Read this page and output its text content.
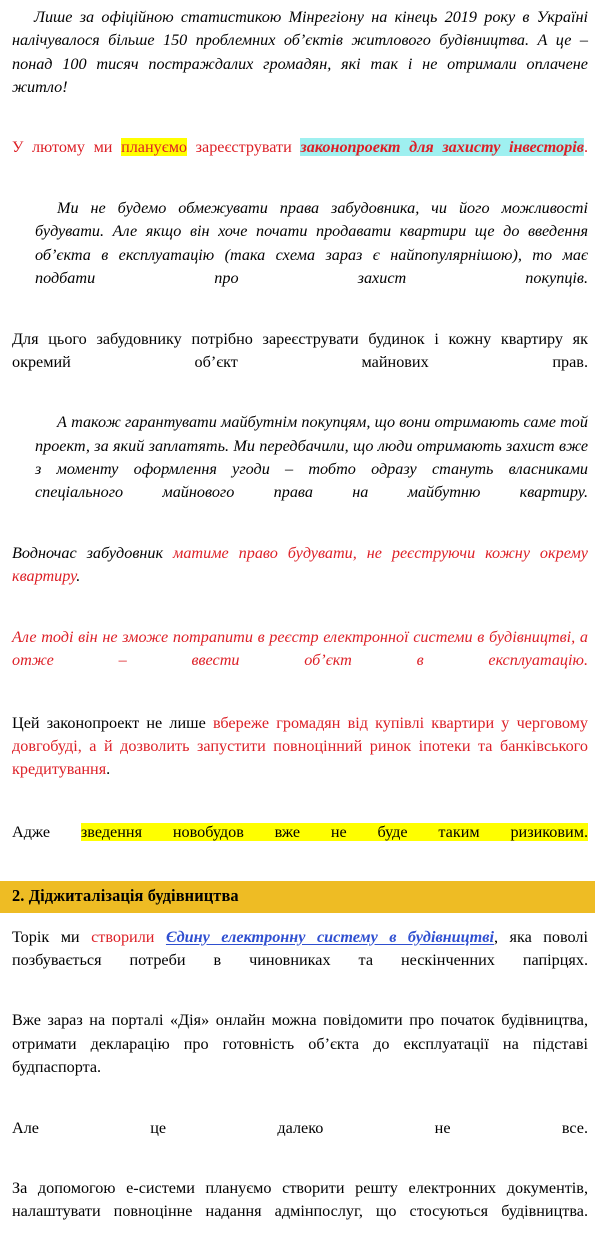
Лише за офіційною статистикою Мінрегіону на кінець 2019 року в Україні налічувалося більше 150 проблемних об’єктів житлового будівництва. А це – понад 100 тисяч постраждалих громадян, які так і не отримали оплачене житло!

У лютому ми плануємо зареєструвати законопроект для захисту інвесторів.

Ми не будемо обмежувати права забудовника, чи його можливості будувати. Але якщо він хоче почати продавати квартири ще до введення об’єкта в експлуатацію (така схема зараз є найпопулярнішою), то має подбати про захист покупців.

Для цього забудовнику потрібно зареєструвати будинок і кожну квартиру як окремий об’єкт майнових прав.

А також гарантувати майбутнім покупцям, що вони отримають саме той проект, за який заплатять. Ми передбачили, що люди отримають захист вже з моменту оформлення угоди – тобто одразу стануть власниками спеціального майнового права на майбутню квартиру.

Водночас забудовник матиме право будувати, не реєструючи кожну окрему квартиру.

Але тоді він не зможе потрапити в реєстр електронної системи в будівництві, а отже – ввести об’єкт в експлуатацію.

Цей законопроект не лише вбереже громадян від купівлі квартири у черговому довгобуді, а й дозволить запустити повноцінний ринок іпотеки та банківського кредитування.

Адже зведення новобудов вже не буде таким ризиковим.

2. Діджиталізація будівництва

Торік ми створили Єдину електронну систему в будівництві, яка поволі позбувається потреби в чиновниках та нескінченних папірцях.

Вже зараз на порталі «Дія» онлайн можна повідомити про початок будівництва, отримати декларацію про готовність об’єкта до експлуатації на підставі будпаспорта.

Але це далеко не все.

За допомогою е-системи плануємо створити решту електронних документів, налаштувати повноцінне надання адмінпослуг, що стосуються будівництва.
